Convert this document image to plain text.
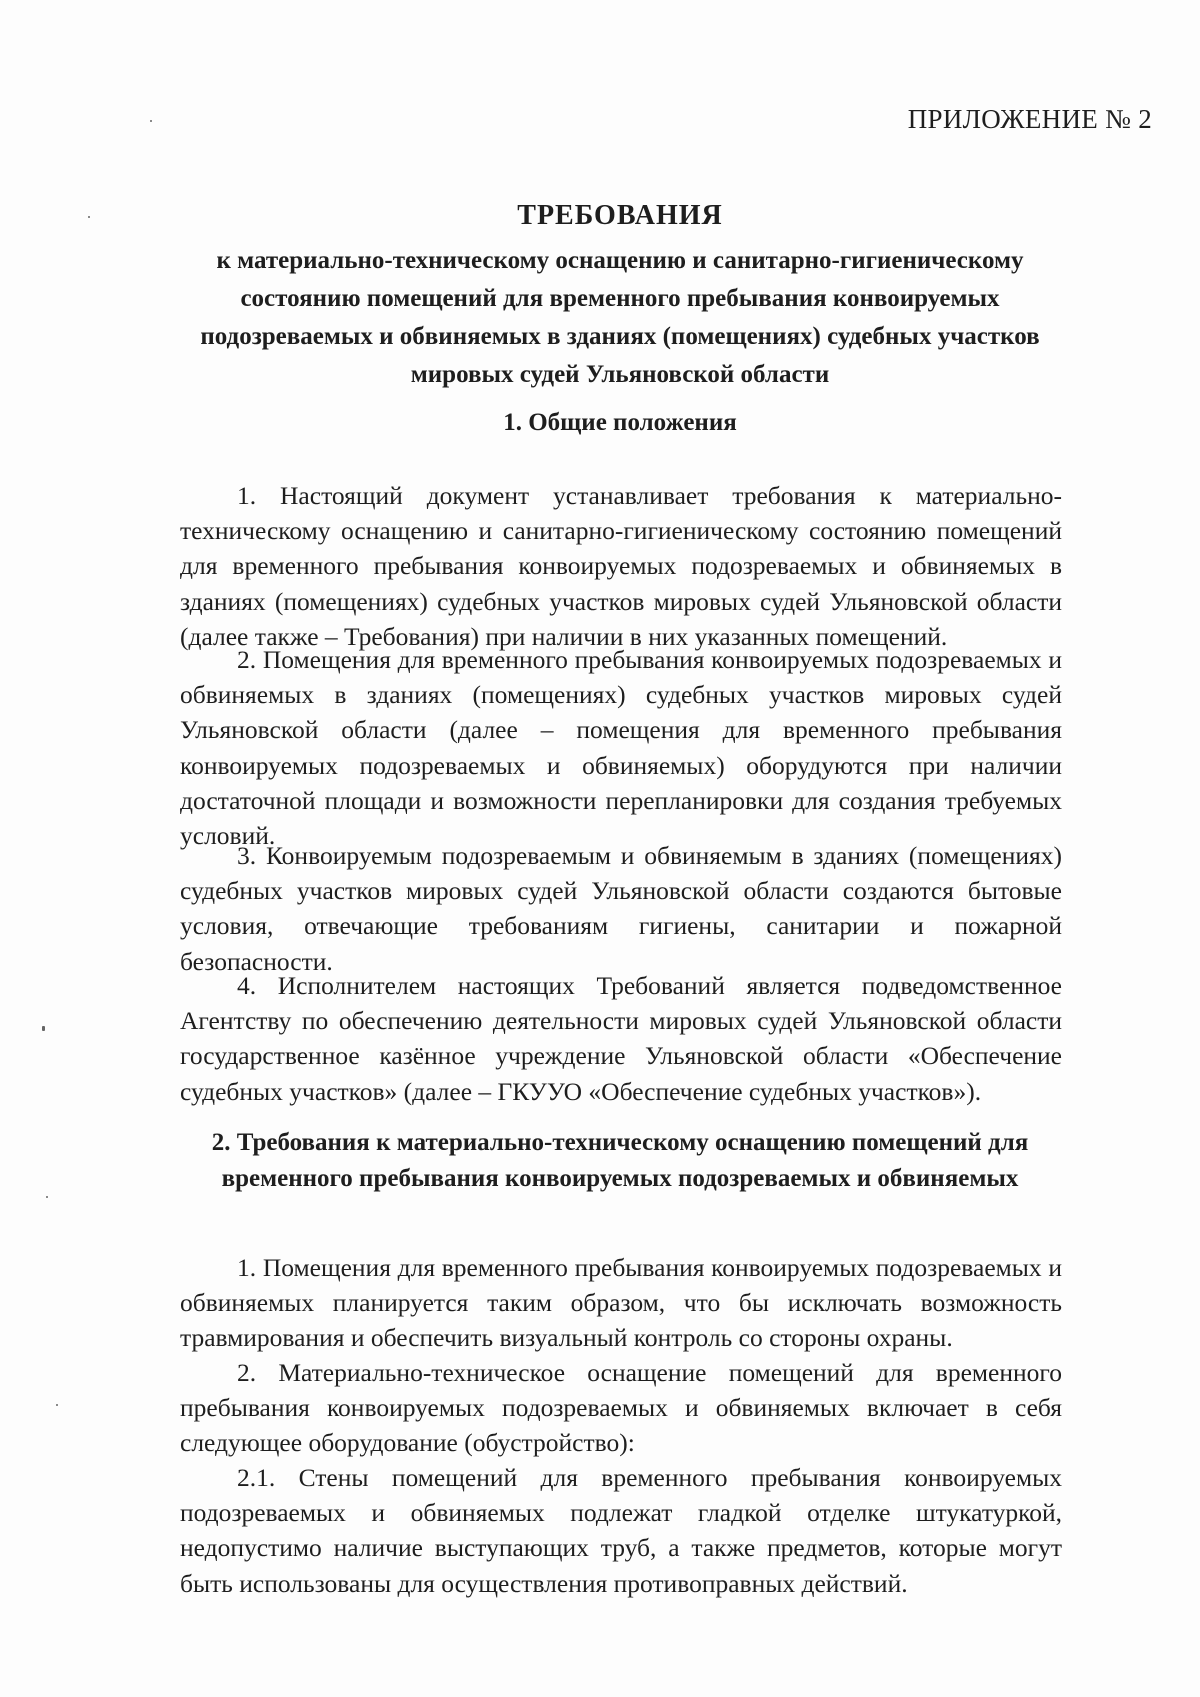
ПРИЛОЖЕНИЕ № 2
ТРЕБОВАНИЯ
к материально-техническому оснащению и санитарно-гигиеническому состоянию помещений для временного пребывания конвоируемых подозреваемых и обвиняемых в зданиях (помещениях) судебных участков мировых судей Ульяновской области
1. Общие положения

1. Настоящий документ устанавливает требования к материально-техническому оснащению и санитарно-гигиеническому состоянию помещений для временного пребывания конвоируемых подозреваемых и обвиняемых в зданиях (помещениях) судебных участков мировых судей Ульяновской области (далее также – Требования) при наличии в них указанных помещений.

2. Помещения для временного пребывания конвоируемых подозреваемых и обвиняемых в зданиях (помещениях) судебных участков мировых судей Ульяновской области (далее – помещения для временного пребывания конвоируемых подозреваемых и обвиняемых) оборудуются при наличии достаточной площади и возможности перепланировки для создания требуемых условий.

3. Конвоируемым подозреваемым и обвиняемым в зданиях (помещениях) судебных участков мировых судей Ульяновской области создаются бытовые условия, отвечающие требованиям гигиены, санитарии и пожарной безопасности.

4. Исполнителем настоящих Требований является подведомственное Агентству по обеспечению деятельности мировых судей Ульяновской области государственное казённое учреждение Ульяновской области «Обеспечение судебных участков» (далее – ГКУУО «Обеспечение судебных участков»).

2. Требования к материально-техническому оснащению помещений для временного пребывания конвоируемых подозреваемых и обвиняемых

1. Помещения для временного пребывания конвоируемых подозреваемых и обвиняемых планируется таким образом, что бы исключать возможность травмирования и обеспечить визуальный контроль со стороны охраны.

2. Материально-техническое оснащение помещений для временного пребывания конвоируемых подозреваемых и обвиняемых включает в себя следующее оборудование (обустройство):

2.1. Стены помещений для временного пребывания конвоируемых подозреваемых и обвиняемых подлежат гладкой отделке штукатуркой, недопустимо наличие выступающих труб, а также предметов, которые могут быть использованы для осуществления противоправных действий.
